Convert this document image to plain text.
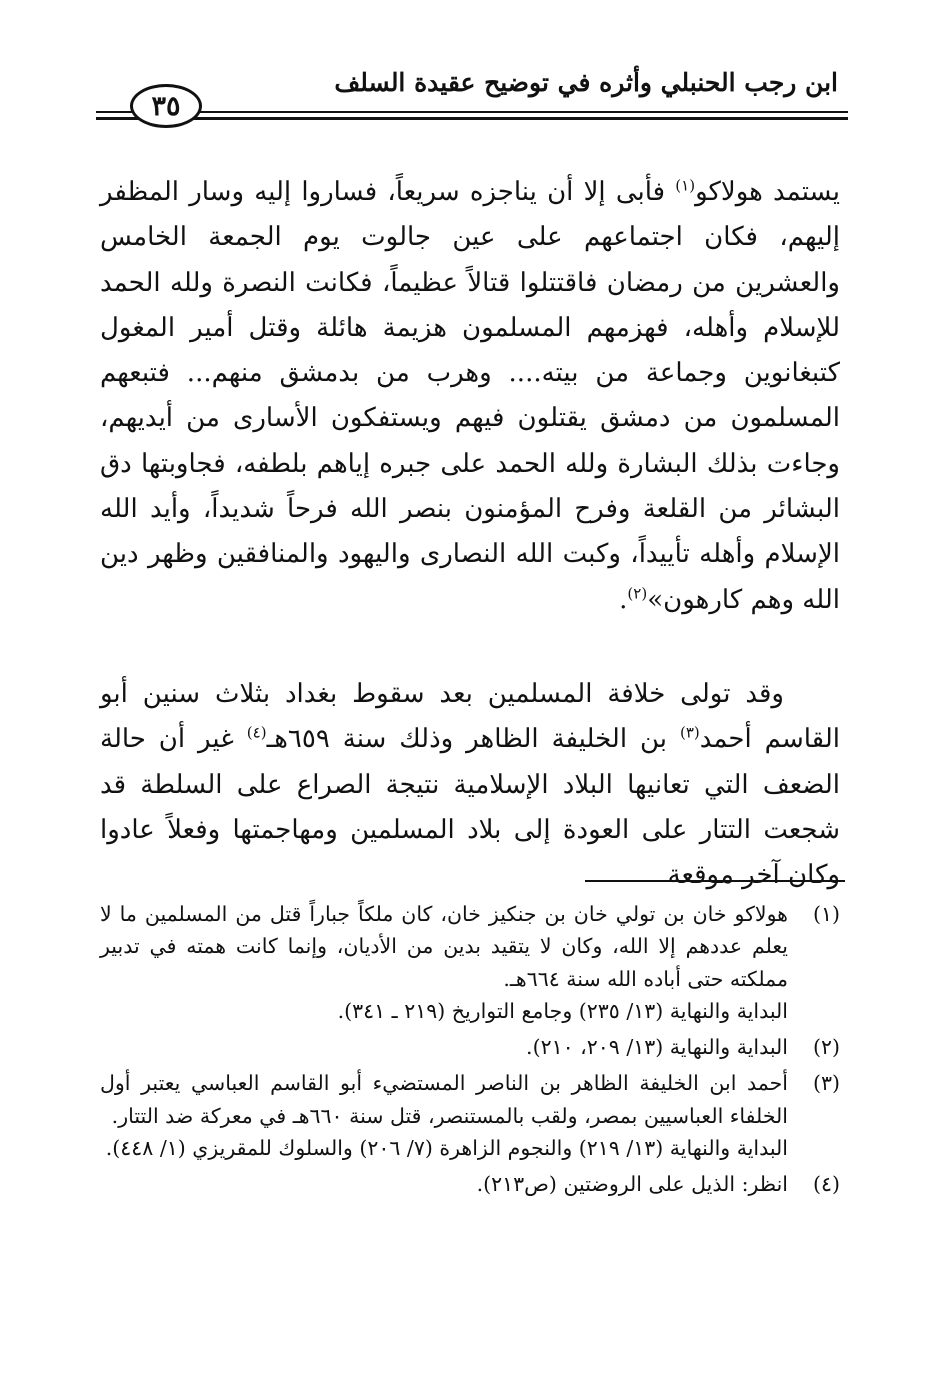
ابن رجب الحنبلي وأثره في توضيح عقيدة السلف
٣٥
يستمد هولاكو$^{(١)}$ فأبى إلا أن يناجزه سريعاً، فساروا إليه وسار المظفر إليهم، فكان اجتماعهم على عين جالوت يوم الجمعة الخامس والعشرين من رمضان فاقتتلوا قتالاً عظيماً، فكانت النصرة ولله الحمد للإسلام وأهله، فهزمهم المسلمون هزيمة هائلة وقتل أمير المغول كتبغانوين وجماعة من بيته.... وهرب من بدمشق منهم... فتبعهم المسلمون من دمشق يقتلون فيهم ويستفكون الأسارى من أيديهم، وجاءت بذلك البشارة ولله الحمد على جبره إياهم بلطفه، فجاوبتها دق البشائر من القلعة وفرح المؤمنون بنصر الله فرحاً شديداً، وأيد الله الإسلام وأهله تأييداً، وكبت الله النصارى واليهود والمنافقين وظهر دين الله وهم كارهون»$^{(٢)}$.
وقد تولى خلافة المسلمين بعد سقوط بغداد بثلاث سنين أبو القاسم أحمد$^{(٣)}$ بن الخليفة الظاهر وذلك سنة ٦٥٩هـ$^{(٤)}$ غير أن حالة الضعف التي تعانيها البلاد الإسلامية نتيجة الصراع على السلطة قد شجعت التتار على العودة إلى بلاد المسلمين ومهاجمتها وفعلاً عادوا وكان آخر موقعة
(١)
هولاكو خان بن تولي خان بن جنكيز خان، كان ملكاً جباراً قتل من المسلمين ما لا يعلم عددهم إلا الله، وكان لا يتقيد بدين من الأديان، وإنما كانت همته في تدبير مملكته حتى أباده الله سنة ٦٦٤هـ.
البداية والنهاية (١٣/ ٢٣٥) وجامع التواريخ (٢١٩ ـ ٣٤١).
(٢)
البداية والنهاية (١٣/ ٢٠٩، ٢١٠).
(٣)
أحمد ابن الخليفة الظاهر بن الناصر المستضيء أبو القاسم العباسي يعتبر أول الخلفاء العباسيين بمصر، ولقب بالمستنصر، قتل سنة ٦٦٠هـ في معركة ضد التتار.
البداية والنهاية (١٣/ ٢١٩) والنجوم الزاهرة (٧/ ٢٠٦) والسلوك للمقريزي (١/ ٤٤٨).
(٤)
انظر: الذيل على الروضتين (ص٢١٣).
